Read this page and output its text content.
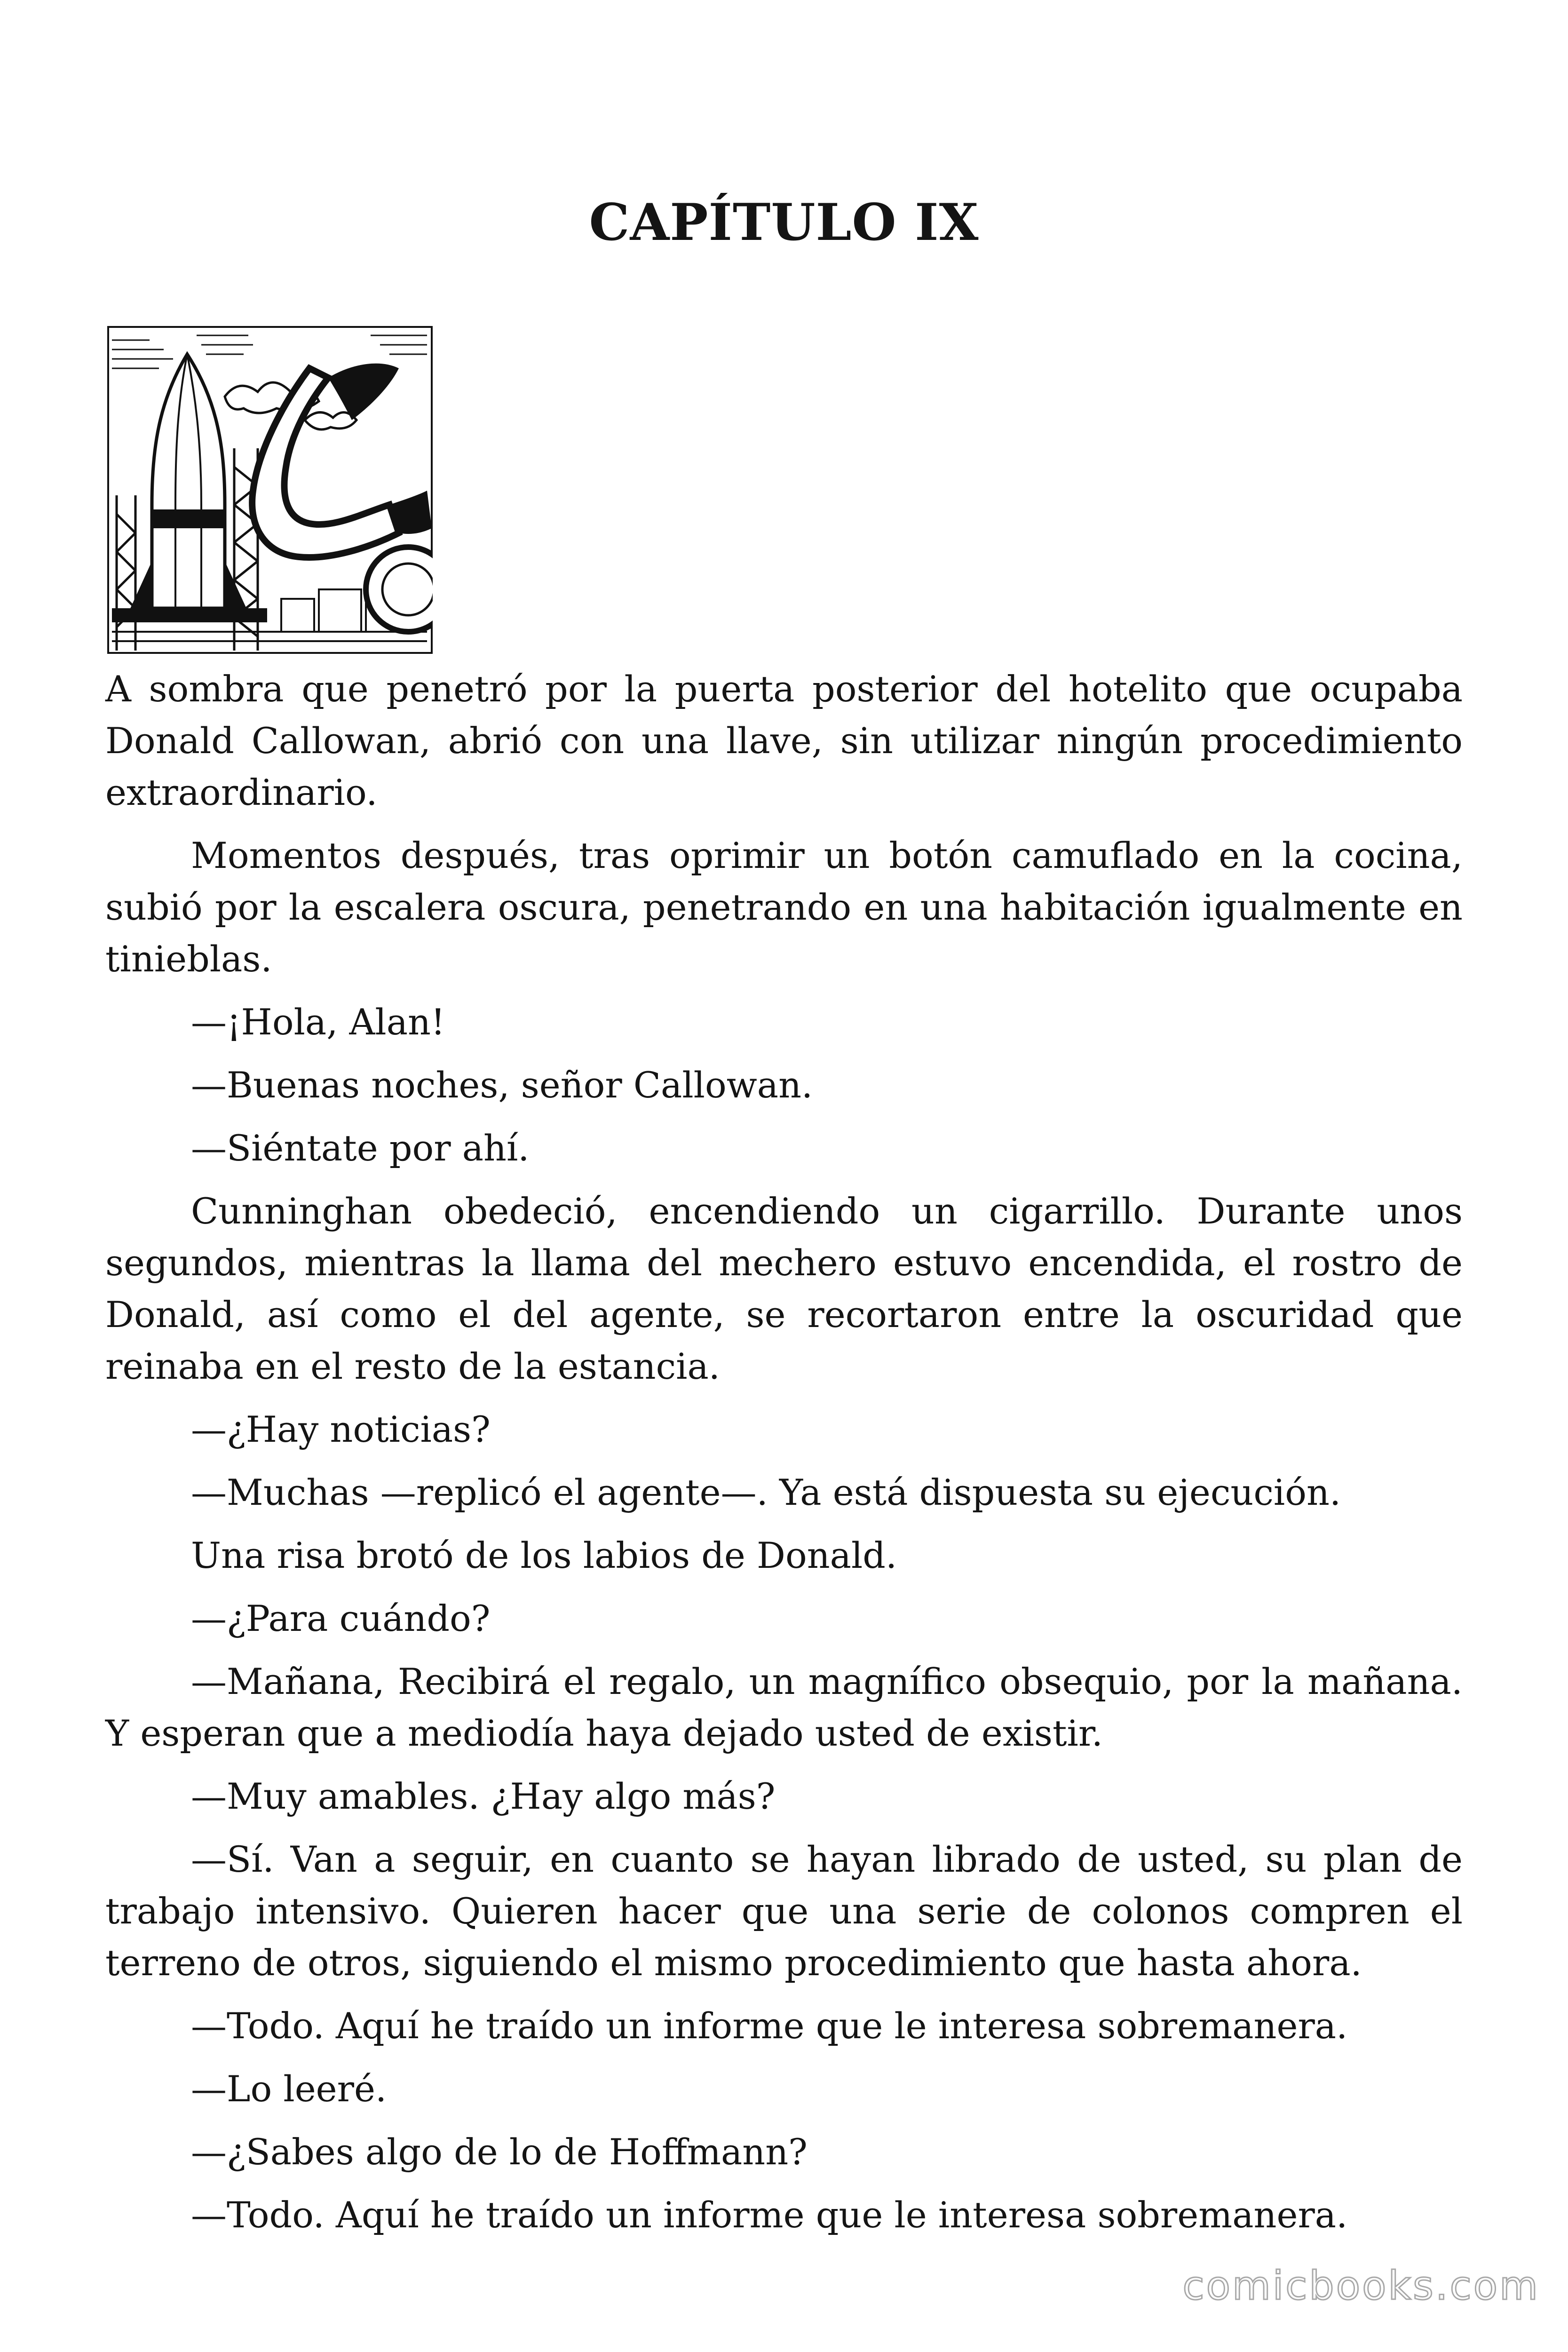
CAPÍTULO IX

A sombra que penetró por la puerta posterior del hotelito que ocupaba Donald Callowan, abrió con una llave, sin utilizar ningún procedimiento extraordinario.

Momentos después, tras oprimir un botón camuflado en la cocina, subió por la escalera oscura, penetrando en una habitación igualmente en tinieblas.

—¡Hola, Alan!

—Buenas noches, señor Callowan.

—Siéntate por ahí.

Cunninghan obedeció, encendiendo un cigarrillo. Durante unos segundos, mientras la llama del mechero estuvo encendida, el rostro de Donald, así como el del agente, se recortaron entre la oscuridad que reinaba en el resto de la estancia.

—¿Hay noticias?

—Muchas —replicó el agente—. Ya está dispuesta su ejecución.

Una risa brotó de los labios de Donald.

—¿Para cuándo?

—Mañana, Recibirá el regalo, un magnífico obsequio, por la mañana. Y esperan que a mediodía haya dejado usted de existir.

—Muy amables. ¿Hay algo más?

—Sí. Van a seguir, en cuanto se hayan librado de usted, su plan de trabajo intensivo. Quieren hacer que una serie de colonos compren el terreno de otros, siguiendo el mismo procedimiento que hasta ahora.

—Todo. Aquí he traído un informe que le interesa sobremanera.

—Lo leeré.

—¿Sabes algo de lo de Hoffmann?

—Todo. Aquí he traído un informe que le interesa sobremanera.

comicbooks.com
